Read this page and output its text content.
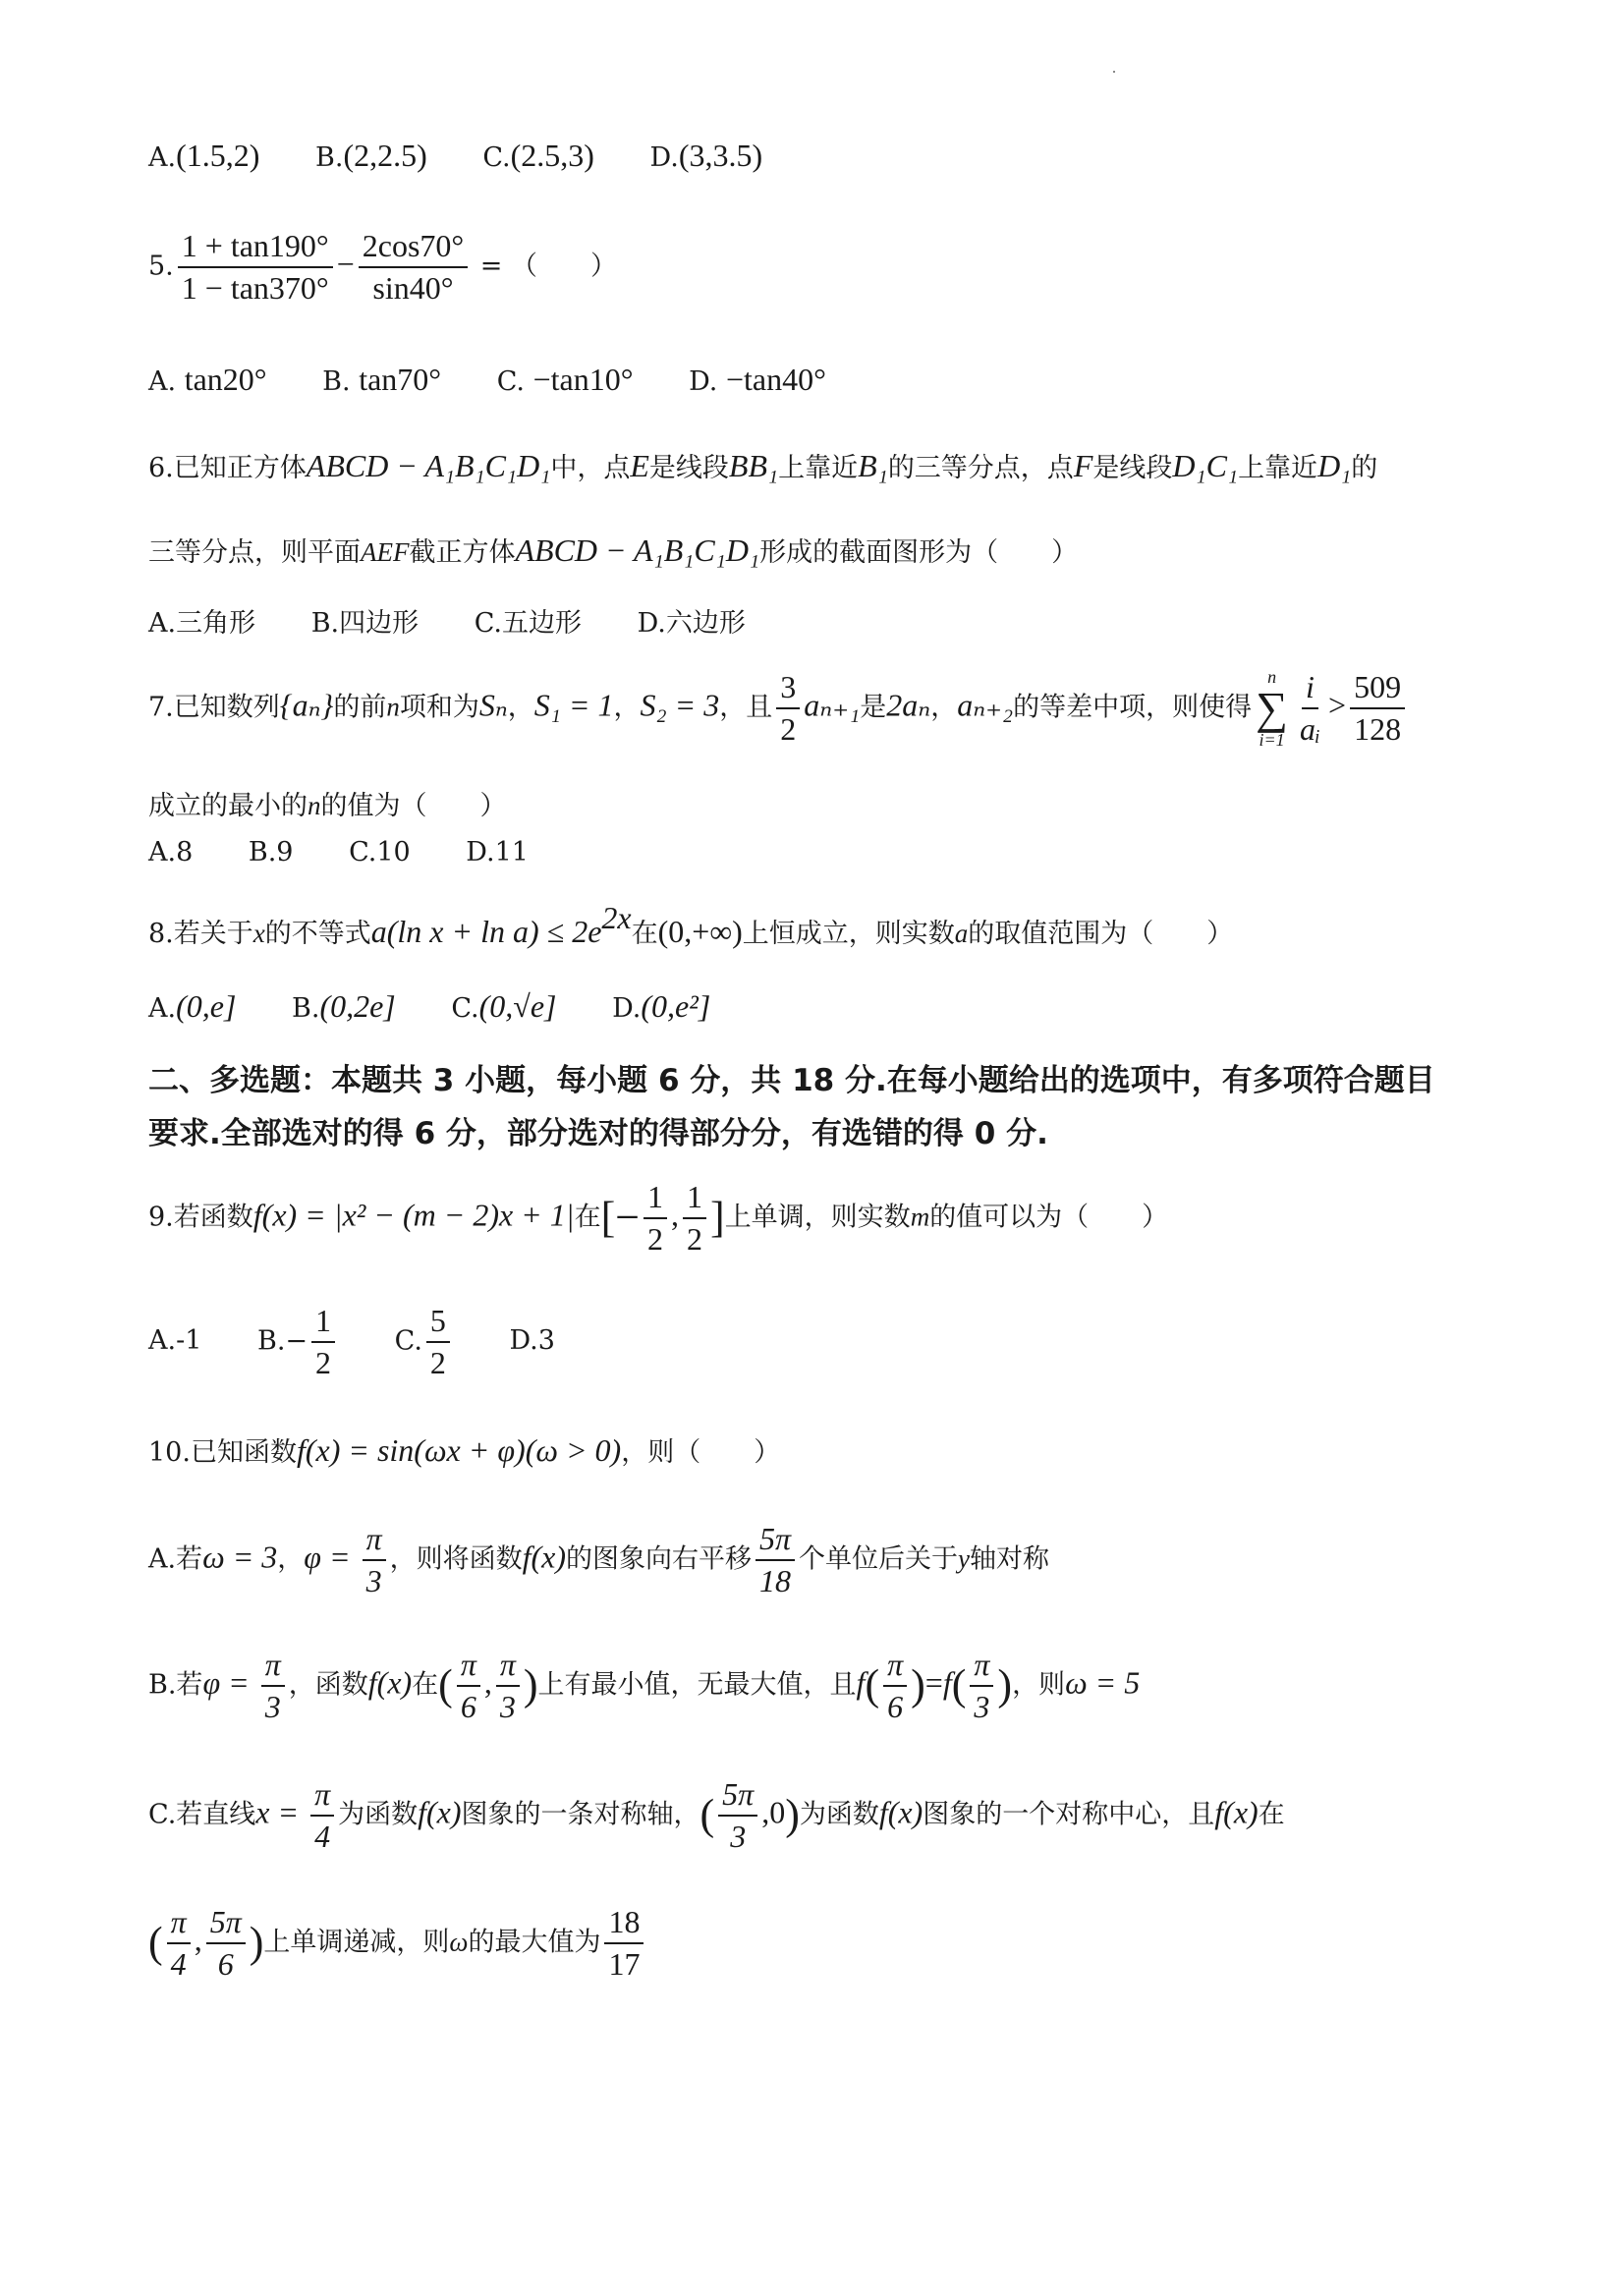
A.(1.5,2) B.(2,2.5) C.(2.5,3) D.(3,3.5)
5. $\frac{1 + \tan 190^\circ}{1 - \tan 370^\circ} - \frac{2\cos 70^\circ}{\sin 40^\circ}$ = （　　）
A. tan20° B. tan70° C. −tan10° D. −tan40°
6.已知正方体ABCD − A₁B₁C₁D₁中，点E是线段BB₁上靠近B₁的三等分点，点F是线段D₁C₁上靠近D₁的
三等分点，则平面AEF截正方体ABCD − A₁B₁C₁D₁形成的截面图形为（　　）
A.三角形 B.四边形 C.五边形 D.六边形
7.已知数列{aₙ}的前n项和为Sₙ，S₁ = 1，S₂ = 3，且 $\frac{3}{2} a_{n+1}$是2aₙ，aₙ₊₂的等差中项，则使得
n
∑
$i=1 \frac{i}{\text{aᵢ}} > \frac{509}{128}$
成立的最小的n的值为（　　）
A.8 B.9 C.10 D.11
8.若关于x的不等式a(ln $x + \ln a) \le 2e^{2x}$在(0,+∞)上恒成立，则实数a的取值范围为（　　）
A.(0,e] B.(0,2e] C.(0,√e] D.(0,e²]
二、多选题：本题共 3 小题，每小题 6 分，共 18 分.在每小题给出的选项中，有多项符合题目
要求.全部选对的得 6 分，部分选对的得部分分，有选错的得 0 分.
9.若函数f(x) = |x² − (m − 2)x + 1|在[− $\frac{1}{2}$ , $\frac{1}{2}$ ]上单调，则实数m的值可以为（　　）
A.-1 $B.- \frac{1}{2} C$. $\frac{5}{2} D.3$
10.已知函数f(x) = sin(ωx + φ)(ω > 0)，则（　　）
A.若ω = 3，$\varphi = \frac{\pi}{3}$ ，则将函数f(x)的图象向右平移 $\frac{5\pi}{18}$ 个单位后关于y轴对称
B.若$\varphi = \frac{\pi}{3}$ ，函数f(x)在( $\frac{\pi}{6}$ , $\frac{\pi}{3}$ )上有最小值，无最大值，且$f( \frac{\pi}{6} )=f( \frac{\pi}{3}$ )，则ω = 5
C.若直线$x = \frac{\pi}{4}$ 为函数f(x)图象的一条对称轴，( $\frac{5\pi}{3} ,0$)为函数f(x)图象的一个对称中心，且f(x)在
( $\frac{\pi}{4}$ , $\frac{5\pi}{6}$ )上单调递减，则ω的最大值为 $\frac{18}{17}$
